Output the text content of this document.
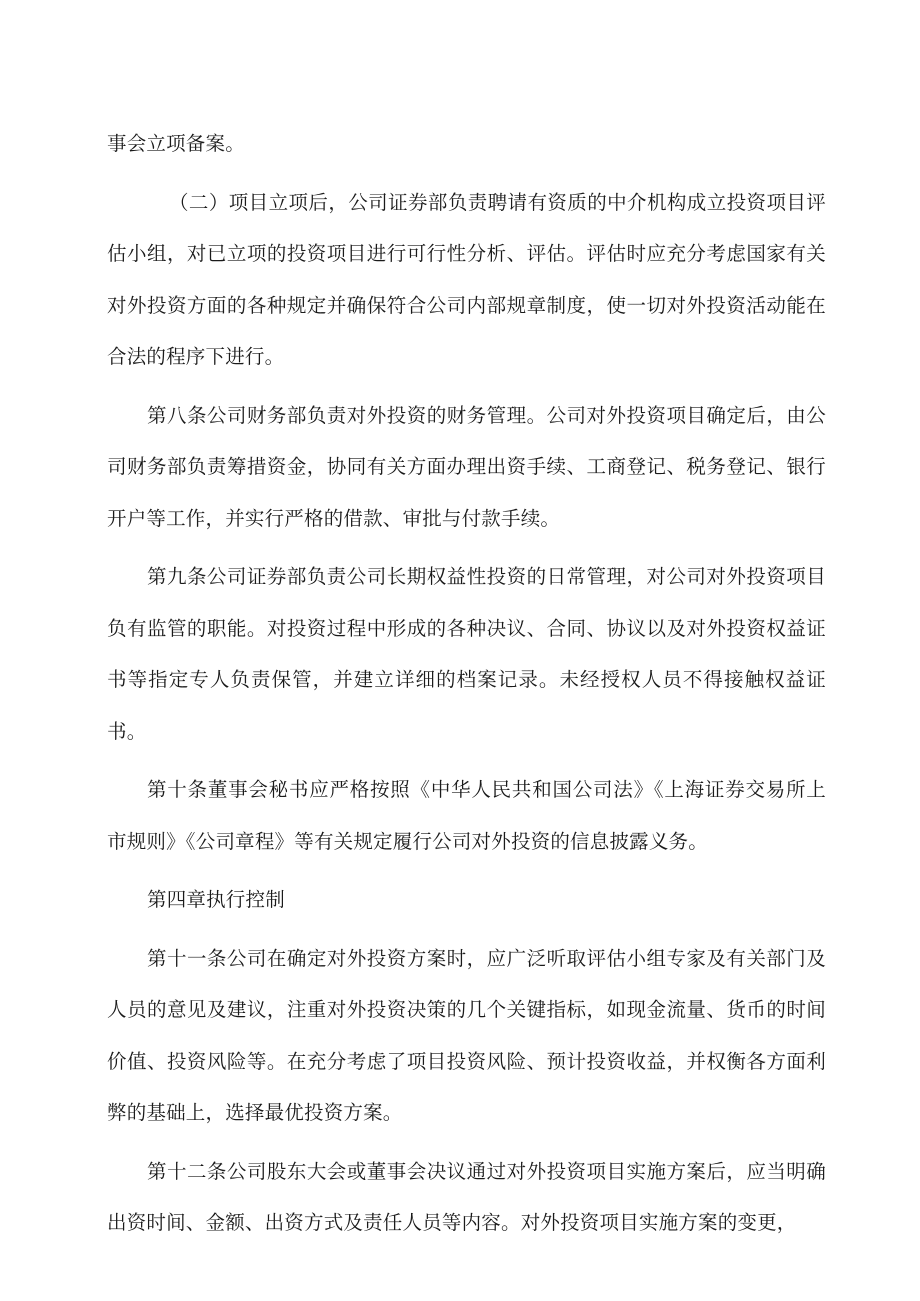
事会立项备案。

（二）项目立项后，公司证券部负责聘请有资质的中介机构成立投资项目评估小组，对已立项的投资项目进行可行性分析、评估。评估时应充分考虑国家有关对外投资方面的各种规定并确保符合公司内部规章制度，使一切对外投资活动能在合法的程序下进行。

第八条公司财务部负责对外投资的财务管理。公司对外投资项目确定后，由公司财务部负责筹措资金，协同有关方面办理出资手续、工商登记、税务登记、银行开户等工作，并实行严格的借款、审批与付款手续。

第九条公司证券部负责公司长期权益性投资的日常管理，对公司对外投资项目负有监管的职能。对投资过程中形成的各种决议、合同、协议以及对外投资权益证书等指定专人负责保管，并建立详细的档案记录。未经授权人员不得接触权益证书。

第十条董事会秘书应严格按照《中华人民共和国公司法》《上海证券交易所上市规则》《公司章程》等有关规定履行公司对外投资的信息披露义务。

第四章执行控制

第十一条公司在确定对外投资方案时，应广泛听取评估小组专家及有关部门及人员的意见及建议，注重对外投资决策的几个关键指标，如现金流量、货币的时间价值、投资风险等。在充分考虑了项目投资风险、预计投资收益，并权衡各方面利弊的基础上，选择最优投资方案。

第十二条公司股东大会或董事会决议通过对外投资项目实施方案后，应当明确出资时间、金额、出资方式及责任人员等内容。对外投资项目实施方案的变更，
